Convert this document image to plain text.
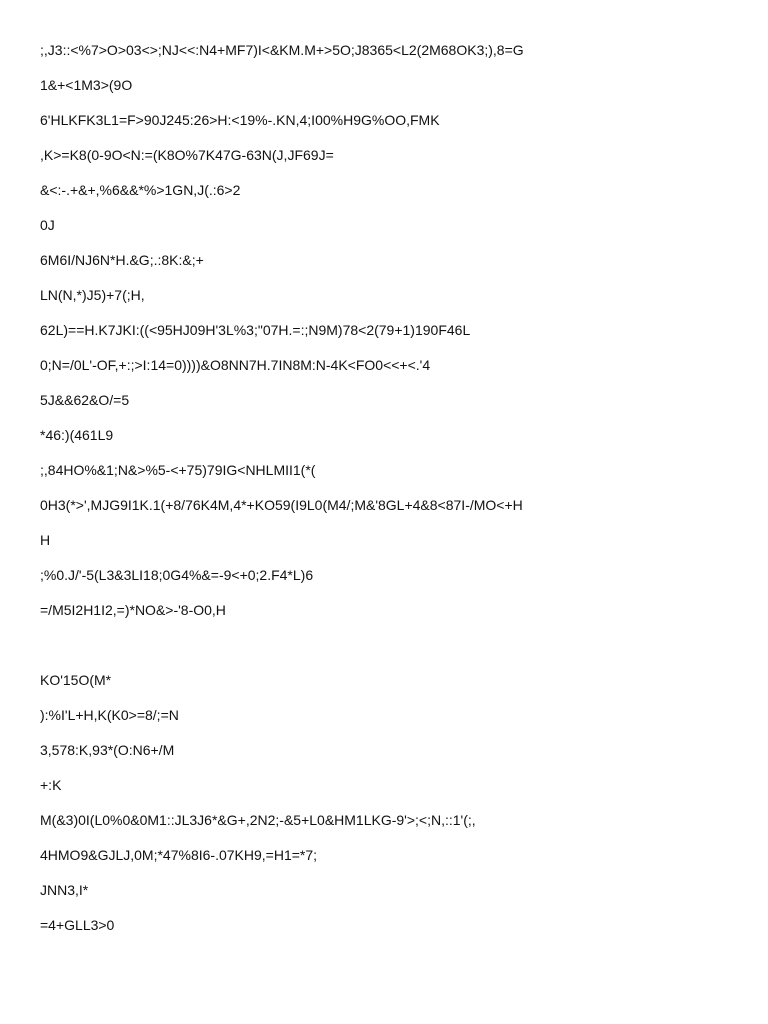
;,J3::<%7>O>03<>;NJ<<:N4+MF7)I<&KM.M+>5O;J8365<L2(2M68OK3;),8=G
1&+<1M3>(9O
6'HLKFK3L1=F>90J245:26>H:<19%-.KN,4;I00%H9G%OO,FMK
,K>=K8(0-9O<N:=(K8O%7K47G-63N(J,JF69J=
&<:-.+&+,%6&&*%>1GN,J(.:6>2
0J
6M6I/NJ6N*H.&G;.:8K:&;+
LN(N,*)J5)+7(;H,
62L)==H.K7JKI:((<95HJ09H'3L%3;"07H.=:;N9M)78<2(79+1)190F46L
0;N=/0L'-OF,+:;>I:14=0))))&O8NN7H.7IN8M:N-4K<FO0<<+<.'4
5J&&62&O/=5
*46:)(461L9
;,84HO%&1;N&>%5-<+75)79IG<NHLMII1(*(
0H3(*>',MJG9I1K.1(+8/76K4M,4*+KO59(I9L0(M4/;M&'8GL+4&8<87I-/MO<+H
H
;%0.J/'-5(L3&3LI18;0G4%&=-9<+0;2.F4*L)6
=/M5I2H1I2,=)*NO&>-'8-O0,H
KO'15O(M*
):%I'L+H,K(K0>=8/;=N
3,578:K,93*(O:N6+/M
+:K
M(&3)0I(L0%0&0M1::JL3J6*&G+,2N2;-&5+L0&HM1LKG-9'>;<;N,::1'(;,
4HMO9&GJLJ,0M;*47%8I6-.07KH9,=H1=*7;
JNN3,I*
=4+GLL3>0
